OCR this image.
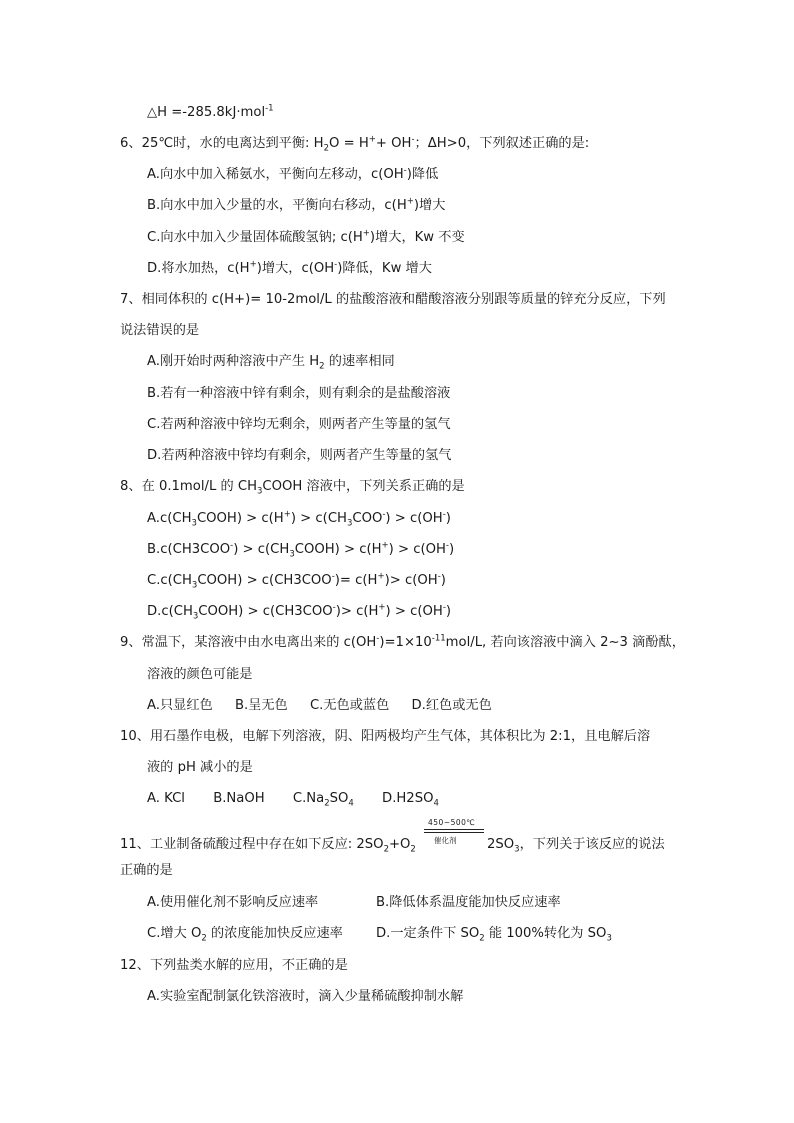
△H =-285.8kJ·mol$^{-1}$
6、25℃时，水的电离达到平衡: $H_2O = H^++ OH^-$；ΔH>0，下列叙述正确的是:
A.向水中加入稀氨水，平衡向左移动，c(OH-)降低
B.向水中加入少量的水，平衡向右移动，c(H+)增大
C.向水中加入少量固体硫酸氢钠; c(H+)增大，Kw 不变
D.将水加热，c(H+)增大，c(OH-)降低，Kw 增大
7、相同体积的 c(H+)= 10-2mol/L 的盐酸溶液和醋酸溶液分别跟等质量的锌充分反应，下列
说法错误的是
A.刚开始时两种溶液中产生 $H_2$ 的速率相同
B.若有一种溶液中锌有剩余，则有剩余的是盐酸溶液
C.若两种溶液中锌均无剩余，则两者产生等量的氢气
D.若两种溶液中锌均有剩余，则两者产生等量的氢气
8、在 0.1mol/L 的 $CH_3COOH$ 溶液中，下列关系正确的是
$A.c(CH_3COOH) > c(H^+) > c(CH_3COO^-) > c(OH^-)$
$B.c(CH3COO^-) > c(CH_3COOH) > c(H^+) > c(OH^-)$
$C.c(CH_3COOH) > c(CH3COO^-)= c(H^+)> c(OH^-)$
$D.c(CH_3COOH) > c(CH3COO^-)> c(H^+) > c(OH^-)$
9、常温下，某溶液中由水电离出来的 $c(OH^-)=1\times 10^{-11}mol/L$, 若向该溶液中滴入 2~3 滴酚酞，
溶液的颜色可能是
A.只显红色 B.呈无色 C.无色或蓝色 D.红色或无色
10、用石墨作电极，电解下列溶液，阴、阳两极均产生气体，其体积比为 2:1，且电解后溶
液的 pH 减小的是
A. KCl B.NaOH $C.Na_2SO_4$ $D.H2SO_4$
11、工业制备硫酸过程中存在如下反应: $2SO_2+O_2$
450~500℃
催化剂 $2SO_3$，下列关于该反应的说法
正确的是
A.使用催化剂不影响反应速率	B.降低体系温度能加快反应速率
C.增大 $O_2$ 的浓度能加快反应速率	D.一定条件下 $SO_2$ 能 100%转化为 $SO_3$
12、下列盐类水解的应用，不正确的是
A.实验室配制氯化铁溶液时，滴入少量稀硫酸抑制水解
